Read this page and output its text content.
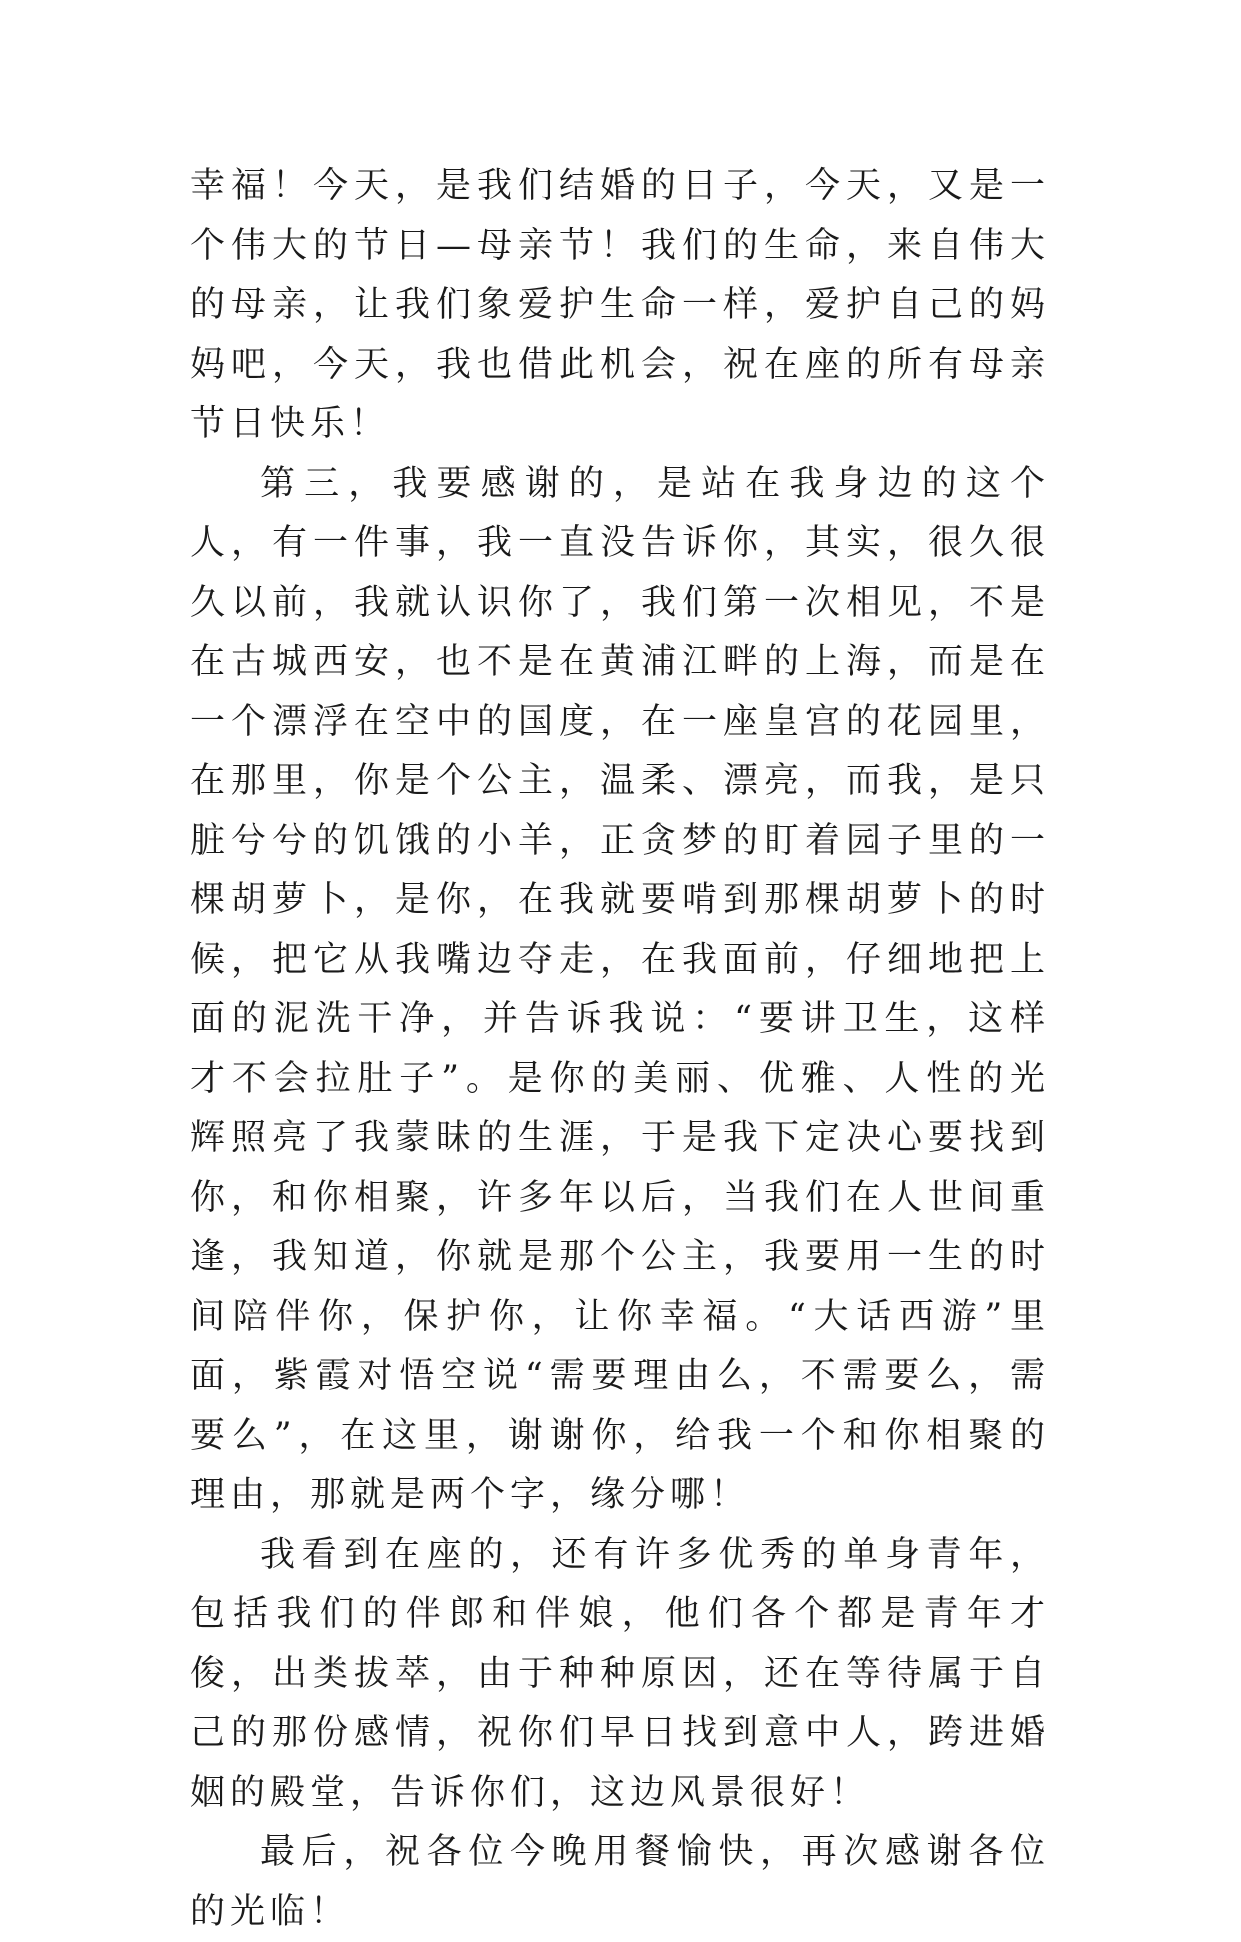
幸福！今天，是我们结婚的日子，今天，又是一个伟大的节日—母亲节！我们的生命，来自伟大的母亲，让我们象爱护生命一样，爱护自己的妈妈吧，今天，我也借此机会，祝在座的所有母亲节日快乐！

第三，我要感谢的，是站在我身边的这个人，有一件事，我一直没告诉你，其实，很久很久以前，我就认识你了，我们第一次相见，不是在古城西安，也不是在黄浦江畔的上海，而是在一个漂浮在空中的国度，在一座皇宫的花园里，在那里，你是个公主，温柔、漂亮，而我，是只脏兮兮的饥饿的小羊，正贪梦的盯着园子里的一棵胡萝卜，是你，在我就要啃到那棵胡萝卜的时候，把它从我嘴边夺走，在我面前，仔细地把上面的泥洗干净，并告诉我说：“要讲卫生，这样才不会拉肚子”。是你的美丽、优雅、人性的光辉照亮了我蒙昧的生涯，于是我下定决心要找到你，和你相聚，许多年以后，当我们在人世间重逢，我知道，你就是那个公主，我要用一生的时间陪伴你，保护你，让你幸福。“大话西游”里面，紫霞对悟空说“需要理由么，不需要么，需要么”，在这里，谢谢你，给我一个和你相聚的理由，那就是两个字，缘分哪！

我看到在座的，还有许多优秀的单身青年，包括我们的伴郎和伴娘，他们各个都是青年才俊，出类拔萃，由于种种原因，还在等待属于自己的那份感情，祝你们早日找到意中人，跨进婚姻的殿堂，告诉你们，这边风景很好！

最后，祝各位今晚用餐愉快，再次感谢各位的光临！
